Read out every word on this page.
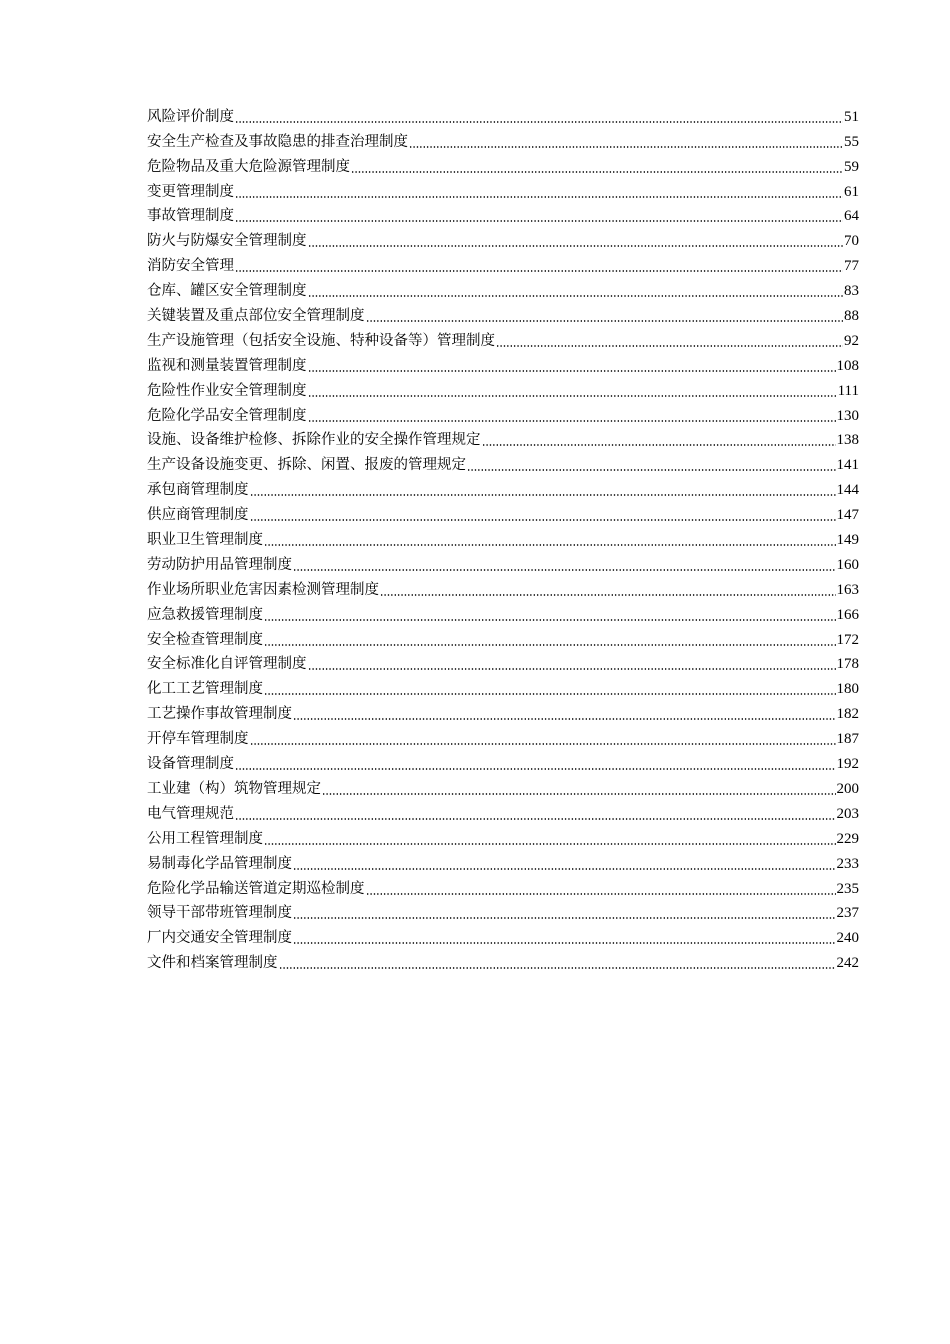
风险评价制度	51
安全生产检查及事故隐患的排查治理制度	55
危险物品及重大危险源管理制度	59
变更管理制度	61
事故管理制度	64
防火与防爆安全管理制度	70
消防安全管理	77
仓库、罐区安全管理制度	83
关键装置及重点部位安全管理制度	88
生产设施管理（包括安全设施、特种设备等）管理制度	92
监视和测量装置管理制度	108
危险性作业安全管理制度	111
危险化学品安全管理制度	130
设施、设备维护检修、拆除作业的安全操作管理规定	138
生产设备设施变更、拆除、闲置、报废的管理规定	141
承包商管理制度	144
供应商管理制度	147
职业卫生管理制度	149
劳动防护用品管理制度	160
作业场所职业危害因素检测管理制度	163
应急救援管理制度	166
安全检查管理制度	172
安全标准化自评管理制度	178
化工工艺管理制度	180
工艺操作事故管理制度	182
开停车管理制度	187
设备管理制度	192
工业建（构）筑物管理规定	200
电气管理规范	203
公用工程管理制度	229
易制毒化学品管理制度	233
危险化学品输送管道定期巡检制度	235
领导干部带班管理制度	237
厂内交通安全管理制度	240
文件和档案管理制度	242
